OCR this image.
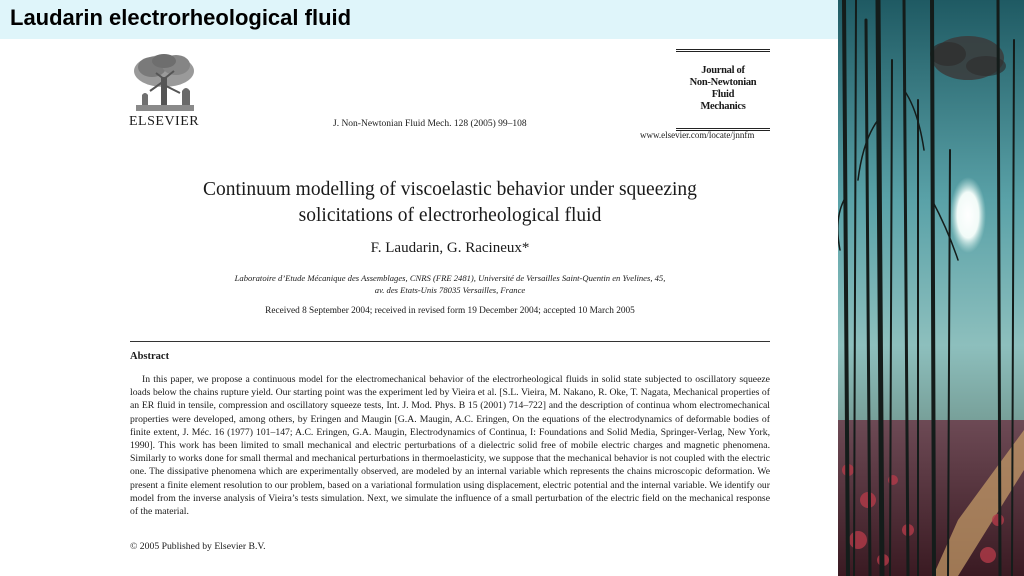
Laudarin electrorheological fluid
ELSEVIER	J. Non-Newtonian Fluid Mech. 128 (2005) 99–108
Journal of
Non-Newtonian
Fluid
Mechanics
www.elsevier.com/locate/jnnfm
Continuum modelling of viscoelastic behavior under squeezing
solicitations of electrorheological fluid
F. Laudarin, G. Racineux*
Laboratoire d’Etude Mécanique des Assemblages, CNRS (FRE 2481), Université de Versailles Saint-Quentin en Yvelines, 45,
av. des Etats-Unis 78035 Versailles, France
Received 8 September 2004; received in revised form 19 December 2004; accepted 10 March 2005
Abstract
In this paper, we propose a continuous model for the electromechanical behavior of the electrorheological fluids in solid state subjected to oscillatory squeeze loads below the chains rupture yield. Our starting point was the experiment led by Vieira et al. [S.L. Vieira, M. Nakano, R. Oke, T. Nagata, Mechanical properties of an ER fluid in tensile, compression and oscillatory squeeze tests, Int. J. Mod. Phys. B 15 (2001) 714–722] and the description of continua whom electromechanical properties were developed, among others, by Eringen and Maugin [G.A. Maugin, A.C. Eringen, On the equations of the electrodynamics of deformable bodies of finite extent, J. Méc. 16 (1977) 101–147; A.C. Eringen, G.A. Maugin, Electrodynamics of Continua, I: Foundations and Solid Media, Springer-Verlag, New York, 1990]. This work has been limited to small mechanical and electric perturbations of a dielectric solid free of mobile electric charges and magnetic phenomena. Similarly to works done for small thermal and mechanical perturbations in thermoelasticity, we suppose that the mechanical behavior is not coupled with the electric one. The dissipative phenomena which are experimentally observed, are modeled by an internal variable which represents the chains microscopic deformation. We present a finite element resolution to our problem, based on a variational formulation using displacement, electric potential and the internal variable. We identify our model from the inverse analysis of Vieira’s tests simulation. Next, we simulate the influence of a small perturbation of the electric field on the mechanical response of the material.
© 2005 Published by Elsevier B.V.
